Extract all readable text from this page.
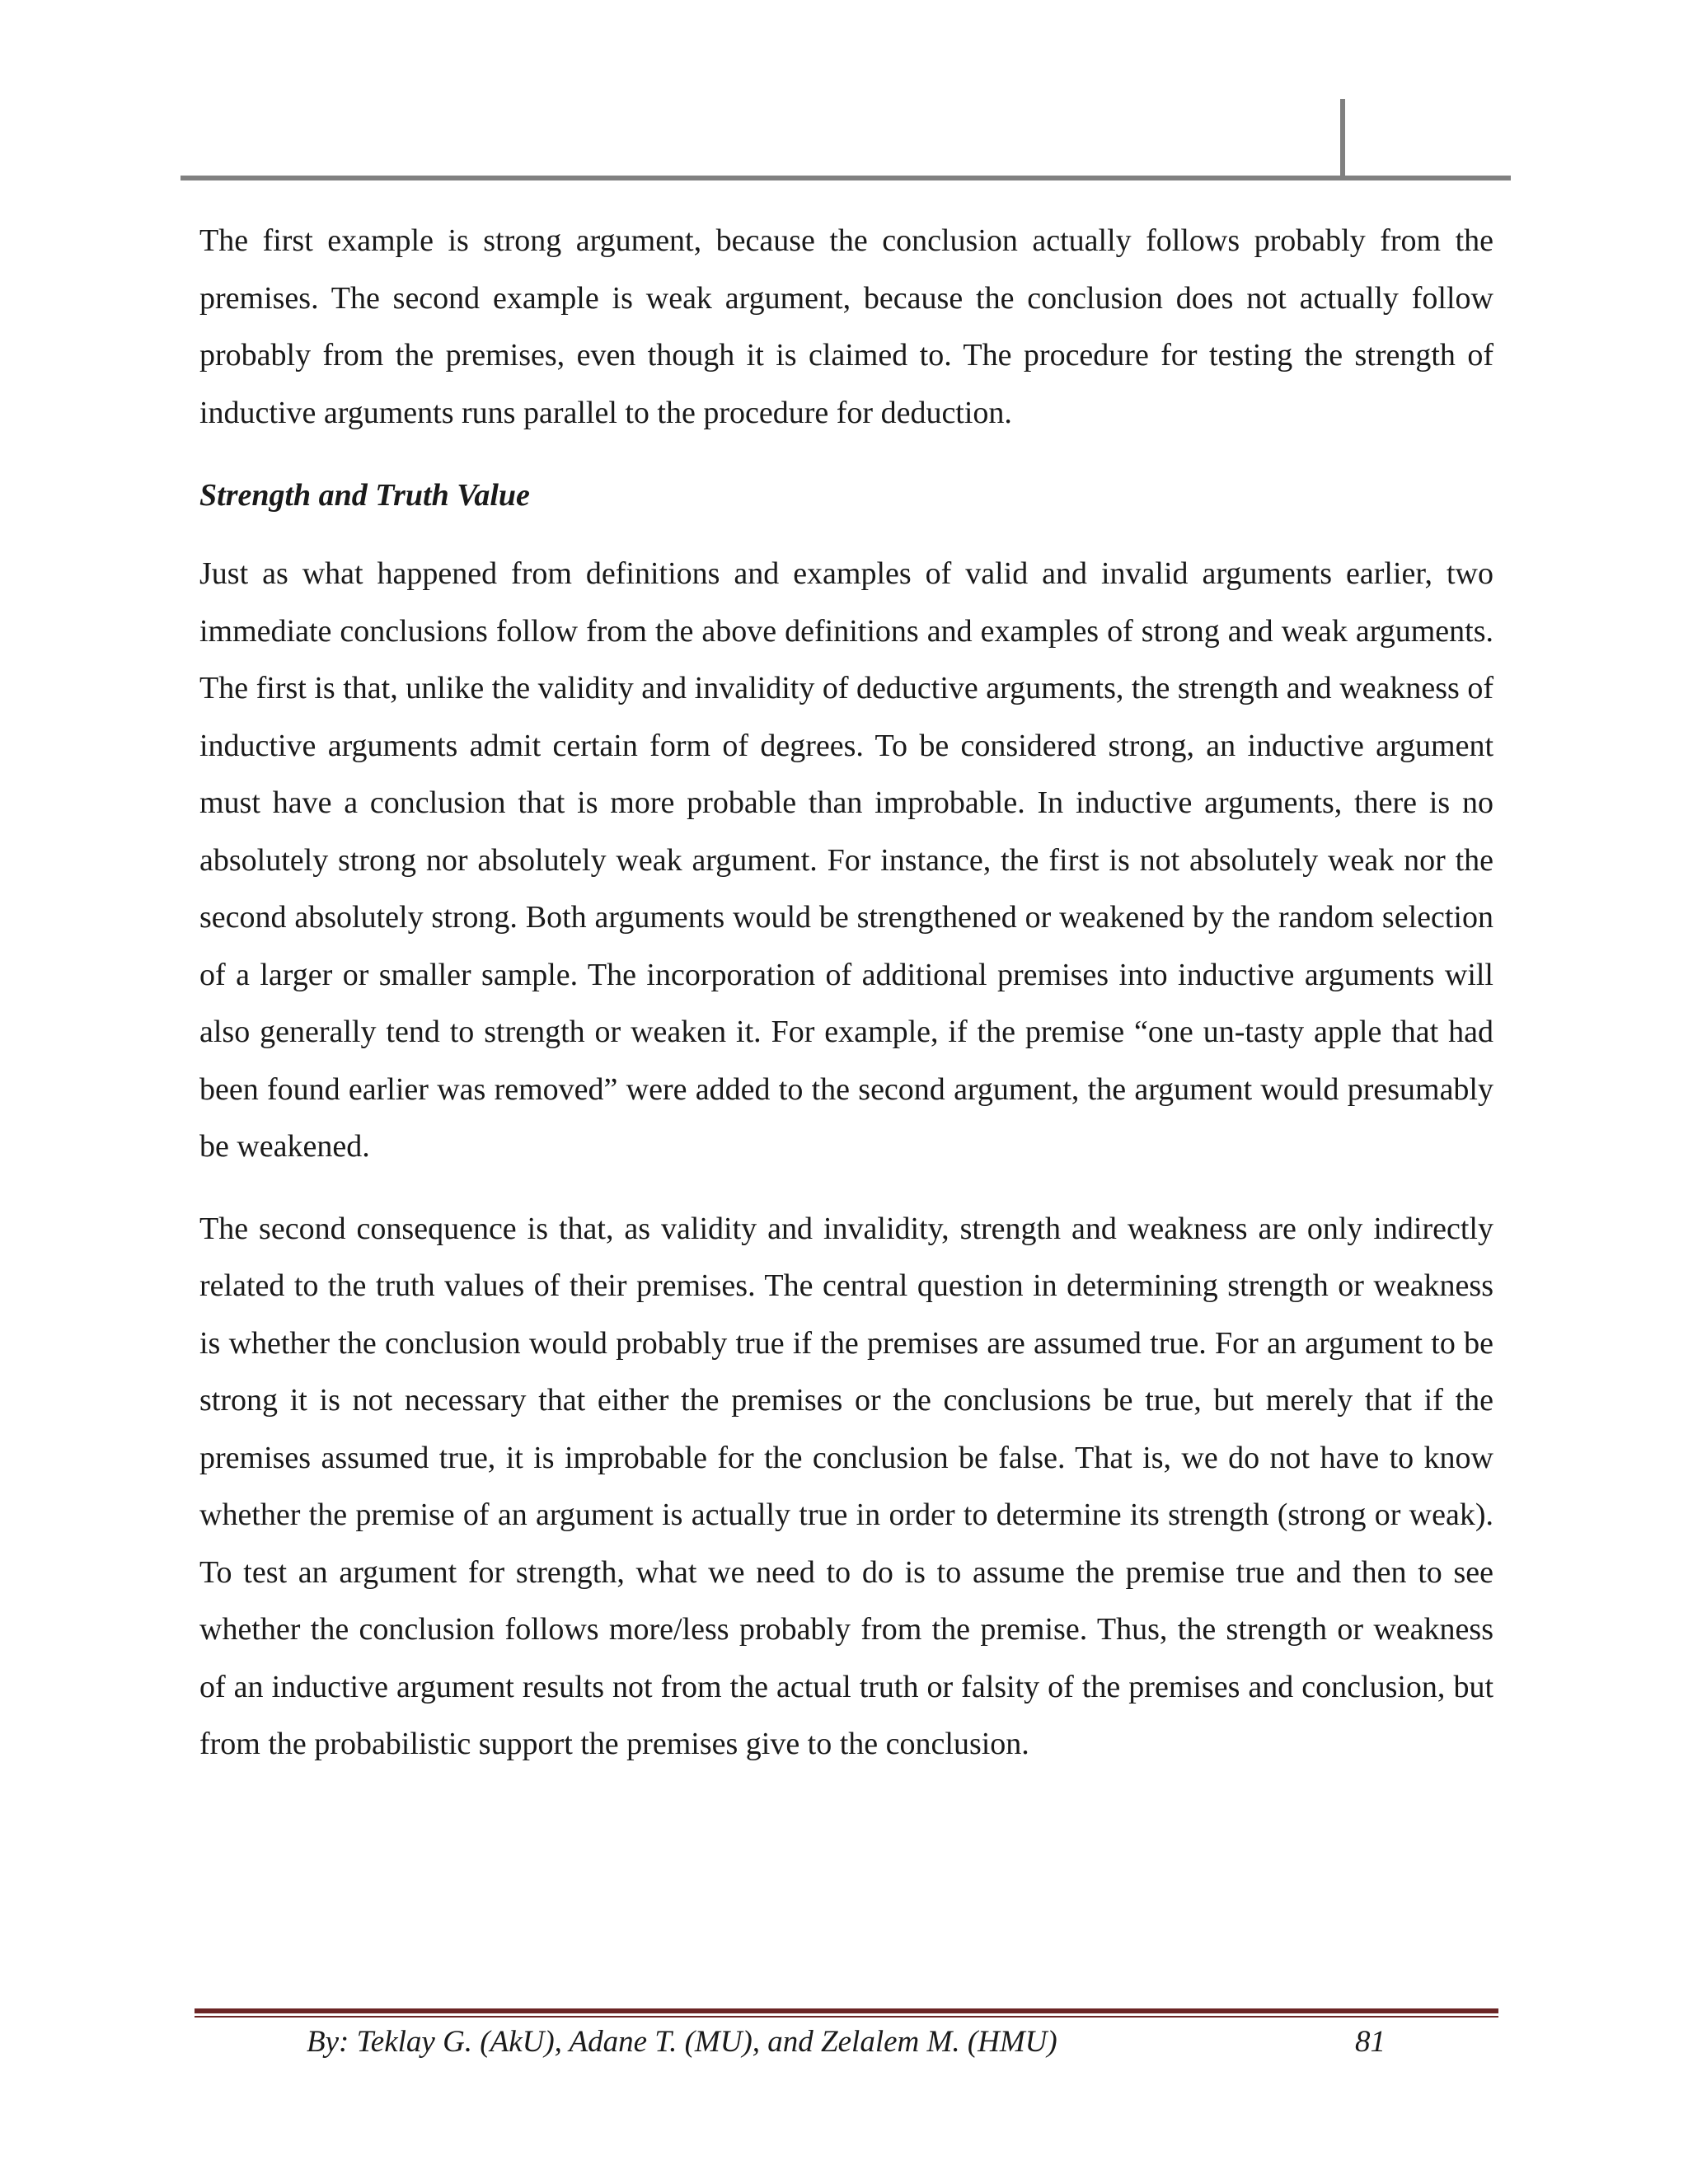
The first example is strong argument, because the conclusion actually follows probably from the premises. The second example is weak argument, because the conclusion does not actually follow probably from the premises, even though it is claimed to. The procedure for testing the strength of inductive arguments runs parallel to the procedure for deduction.

Strength and Truth Value

Just as what happened from definitions and examples of valid and invalid arguments earlier, two immediate conclusions follow from the above definitions and examples of strong and weak arguments. The first is that, unlike the validity and invalidity of deductive arguments, the strength and weakness of inductive arguments admit certain form of degrees. To be considered strong, an inductive argument must have a conclusion that is more probable than improbable. In inductive arguments, there is no absolutely strong nor absolutely weak argument. For instance, the first is not absolutely weak nor the second absolutely strong. Both arguments would be strengthened or weakened by the random selection of a larger or smaller sample. The incorporation of additional premises into inductive arguments will also generally tend to strength or weaken it. For example, if the premise “one un-tasty apple that had been found earlier was removed” were added to the second argument, the argument would presumably be weakened.

The second consequence is that, as validity and invalidity, strength and weakness are only indirectly related to the truth values of their premises. The central question in determining strength or weakness is whether the conclusion would probably true if the premises are assumed true. For an argument to be strong it is not necessary that either the premises or the conclusions be true, but merely that if the premises assumed true, it is improbable for the conclusion be false. That is, we do not have to know whether the premise of an argument is actually true in order to determine its strength (strong or weak). To test an argument for strength, what we need to do is to assume the premise true and then to see whether the conclusion follows more/less probably from the premise. Thus, the strength or weakness of an inductive argument results not from the actual truth or falsity of the premises and conclusion, but from the probabilistic support the premises give to the conclusion.

By: Teklay G. (AkU), Adane T. (MU), and Zelalem M. (HMU)	81
